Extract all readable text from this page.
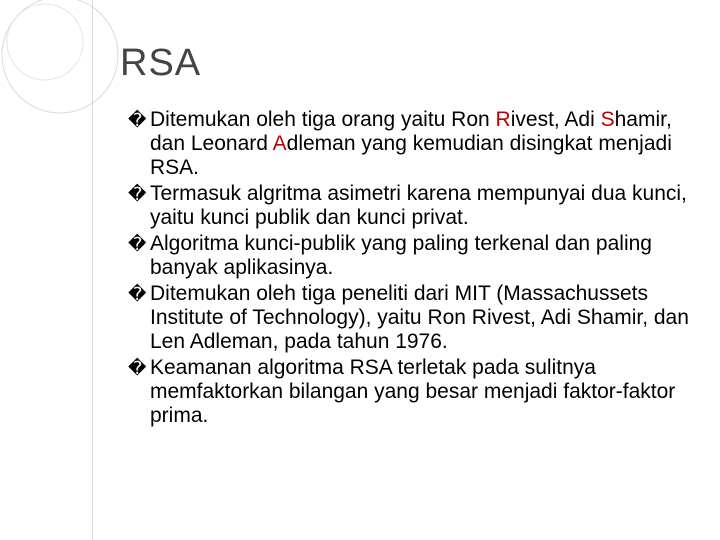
RSA
� Ditemukan oleh tiga orang yaitu Ron Rivest, Adi Shamir, dan Leonard Adleman yang kemudian disingkat menjadi RSA.
� Termasuk algritma asimetri karena mempunyai dua kunci, yaitu kunci publik dan kunci privat.
� Algoritma kunci-publik yang paling terkenal dan paling banyak aplikasinya.
� Ditemukan oleh tiga peneliti dari MIT (Massachussets Institute of Technology), yaitu Ron Rivest, Adi Shamir, dan Len Adleman, pada tahun 1976.
� Keamanan algoritma RSA terletak pada sulitnya memfaktorkan bilangan yang besar menjadi faktor-faktor prima.
